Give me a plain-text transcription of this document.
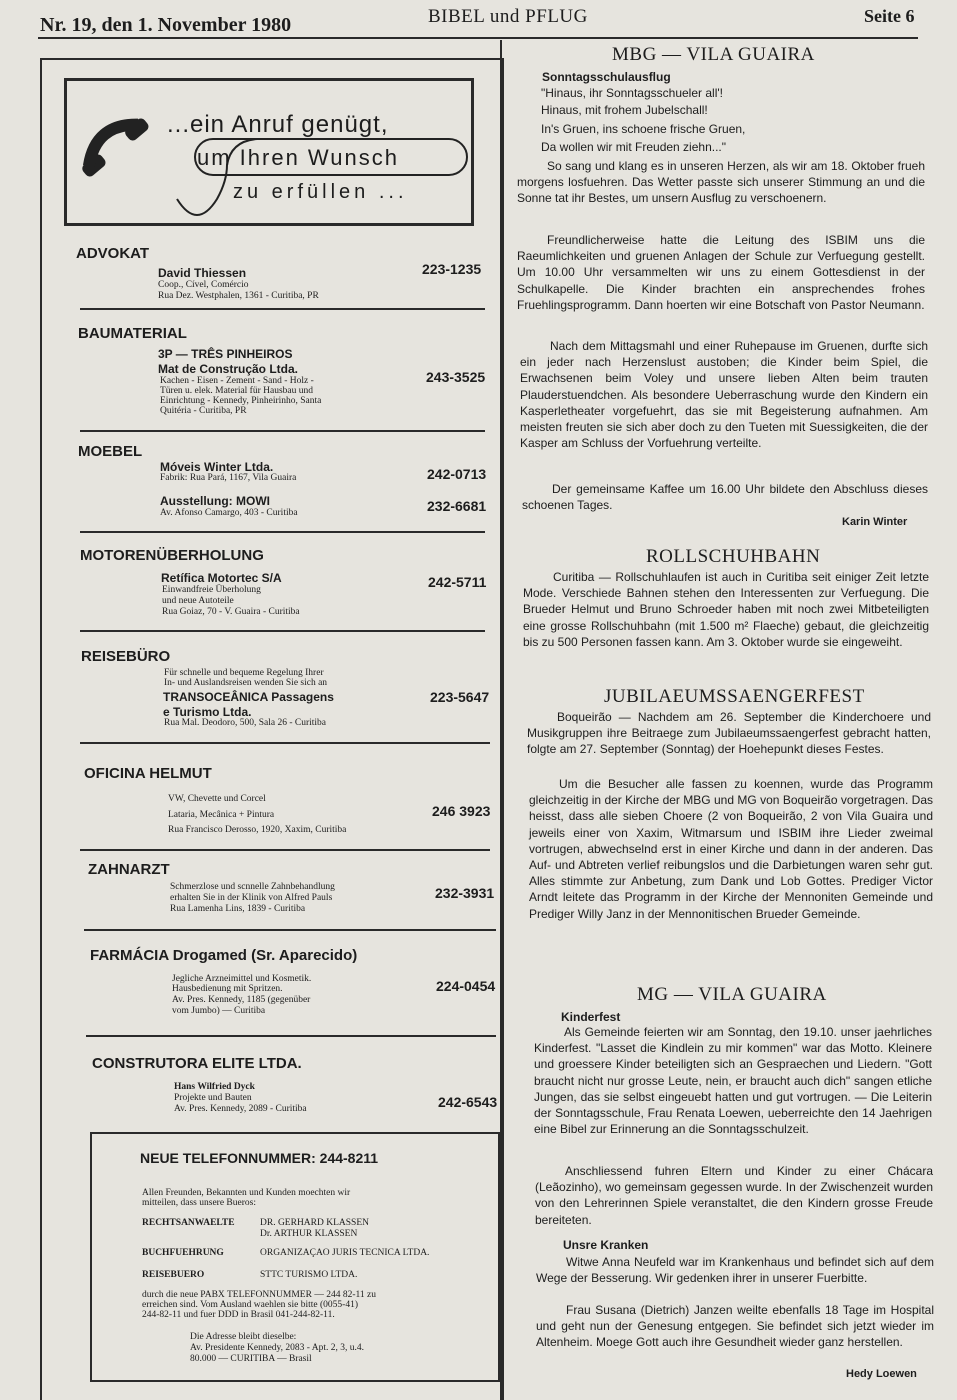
Nr. 19, den 1. November 1980	BIBEL und PFLUG	Seite 6
...ein Anruf genügt,
um Ihren Wunsch
zu erfüllen ...
ADVOKAT
David Thiessen
Coop., Cível, Comércio
Rua Dez. Westphalen, 1361 - Curitiba, PR
223-1235
BAUMATERIAL
3P — TRÊS PINHEIROS
Mat de Construção Ltda.
Kachen - Eisen - Zement - Sand - Holz -
Türen u. elek. Material für Hausbau und
Einrichtung - Kennedy, Pinheirinho, Santa
Quitéria - Curitiba, PR
243-3525
MOEBEL
Móveis Winter Ltda.
Fabrik: Rua Pará, 1167, Vila Guaira	242-0713
Ausstellung: MOWI
Av. Afonso Camargo, 403 - Curitiba	232-6681
MOTORENÜBERHOLUNG
Retífica Motortec S/A
Einwandfreie Überholung
und neue Autoteile
Rua Goiaz, 70 - V. Guaira - Curitiba
242-5711
REISEBÜRO
Für schnelle und bequeme Regelung Ihrer
In- und Auslandsreisen wenden Sie sich an
TRANSOCEÂNICA Passagens
e Turismo Ltda.
Rua Mal. Deodoro, 500, Sala 26 - Curitiba
223-5647
OFICINA HELMUT
VW, Chevette und Corcel
Lataria, Mecânica + Pintura
Rua Francisco Derosso, 1920, Xaxim, Curitiba
246 3923
ZAHNARZT
Schmerzlose und scnnelle Zahnbehandlung
erhalten Sie in der Klinik von Alfred Pauls
Rua Lamenha Lins, 1839 - Curitiba
232-3931
FARMÁCIA Drogamed (Sr. Aparecido)
Jegliche Arzneimittel und Kosmetik.
Hausbedienung mit Spritzen.
Av. Pres. Kennedy, 1185 (gegenüber
vom Jumbo) — Curitiba
224-0454
CONSTRUTORA ELITE LTDA.
Hans Wilfried Dyck
Projekte und Bauten
Av. Pres. Kennedy, 2089 - Curitiba	242-6543
NEUE TELEFONNUMMER: 244-8211
Allen Freunden, Bekannten und Kunden moechten wir
mitteilen, dass unsere Bueros:
RECHTSANWAELTE	DR. GERHARD KLASSEN
Dr. ARTHUR KLASSEN
BUCHFUEHRUNG	ORGANIZAÇAO JURIS TECNICA LTDA.
REISEBUERO	STTC TURISMO LTDA.
durch die neue PABX TELEFONNUMMER — 244 82-11 zu
erreichen sind. Vom Ausland waehlen sie bitte (0055-41)
244-82-11 und fuer DDD in Brasil 041-244-82-11.
Die Adresse bleibt dieselbe:
Av. Presidente Kennedy, 2083 - Apt. 2, 3, u.4.
80.000 — CURITIBA — Brasil
MBG — VILA GUAIRA
Sonntagsschulausflug
"Hinaus, ihr Sonntagsschueler all'!
Hinaus, mit frohem Jubelschall!
In's Gruen, ins schoene frische Gruen,
Da wollen wir mit Freuden ziehn..."
So sang und klang es in unseren Herzen, als wir am 18. Oktober frueh morgens losfuehren. Das Wetter passte sich unserer Stimmung an und die Sonne tat ihr Bestes, um unsern Ausflug zu verschoenern.
Freundlicherweise hatte die Leitung des ISBIM uns die Raeumlichkeiten und gruenen Anlagen der Schule zur Verfuegung gestellt. Um 10.00 Uhr versammelten wir uns zu einem Gottesdienst in der Schulkapelle. Die Kinder brachten ein ansprechendes frohes Fruehlingsprogramm. Dann hoerten wir eine Botschaft von Pastor Neumann.
Nach dem Mittagsmahl und einer Ruhepause im Gruenen, durfte sich ein jeder nach Herzenslust austoben; die Kinder beim Spiel, die Erwachsenen beim Voley und unsere lieben Alten beim trauten Plauderstuendchen. Als besondere Ueberraschung wurde den Kindern ein Kasperletheater vorgefuehrt, das sie mit Begeisterung aufnahmen. Am meisten freuten sie sich aber doch zu den Tueten mit Suessigkeiten, die der Kasper am Schluss der Vorfuehrung verteilte.
Der gemeinsame Kaffee um 16.00 Uhr bildete den Abschluss dieses schoenen Tages.
Karin Winter
ROLLSCHUHBAHN
Curitiba — Rollschuhlaufen ist auch in Curitiba seit einiger Zeit letzte Mode. Verschiede Bahnen stehen den Interessenten zur Verfuegung. Die Brueder Helmut und Bruno Schroeder haben mit noch zwei Mitbeteiligten eine grosse Rollschuhbahn (mit 1.500 m² Flaeche) gebaut, die gleichzeitig bis zu 500 Personen fassen kann. Am 3. Oktober wurde sie eingeweiht.
JUBILAEUMSSAENGERFEST
Boqueirão — Nachdem am 26. September die Kinderchoere und Musikgruppen ihre Beitraege zum Jubilaeumssaengerfest gebracht hatten, folgte am 27. September (Sonntag) der Hoehepunkt dieses Festes.
Um die Besucher alle fassen zu koennen, wurde das Programm gleichzeitig in der Kirche der MBG und MG von Boqueirão vorgetragen. Das heisst, dass alle sieben Choere (2 von Boqueirão, 2 von Vila Guaira und jeweils einer von Xaxim, Witmarsum und ISBIM ihre Lieder zweimal vortrugen, abwechselnd erst in einer Kirche und dann in der anderen. Das Auf- und Abtreten verlief reibungslos und die Darbietungen waren sehr gut. Alles stimmte zur Anbetung, zum Dank und Lob Gottes. Prediger Victor Arndt leitete das Programm in der Kirche der Mennoniten Gemeinde und Prediger Willy Janz in der Mennonitischen Brueder Gemeinde.
MG — VILA GUAIRA
Kinderfest
Als Gemeinde feierten wir am Sonntag, den 19.10. unser jaehrliches Kinderfest. "Lasset die Kindlein zu mir kommen" war das Motto. Kleinere und groessere Kinder beteiligten sich an Gespraechen und Liedern. "Gott braucht nicht nur grosse Leute, nein, er braucht auch dich" sangen etliche Jungen, das sie selbst eingeuebt hatten und gut vortrugen. — Die Leiterin der Sonntagsschule, Frau Renata Loewen, ueberreichte den 14 Jaehrigen eine Bibel zur Erinnerung an die Sonntagsschulzeit.
Anschliessend fuhren Eltern und Kinder zu einer Chácara (Leãozinho), wo gemeinsam gegessen wurde. In der Zwischenzeit wurden von den Lehrerinnen Spiele veranstaltet, die den Kindern grosse Freude bereiteten.
Unsre Kranken
Witwe Anna Neufeld war im Krankenhaus und befindet sich auf dem Wege der Besserung. Wir gedenken ihrer in unserer Fuerbitte.
Frau Susana (Dietrich) Janzen weilte ebenfalls 18 Tage im Hospital und geht nun der Genesung entgegen. Sie befindet sich jetzt wieder im Altenheim. Moege Gott auch ihre Gesundheit wieder ganz herstellen.
Hedy Loewen
